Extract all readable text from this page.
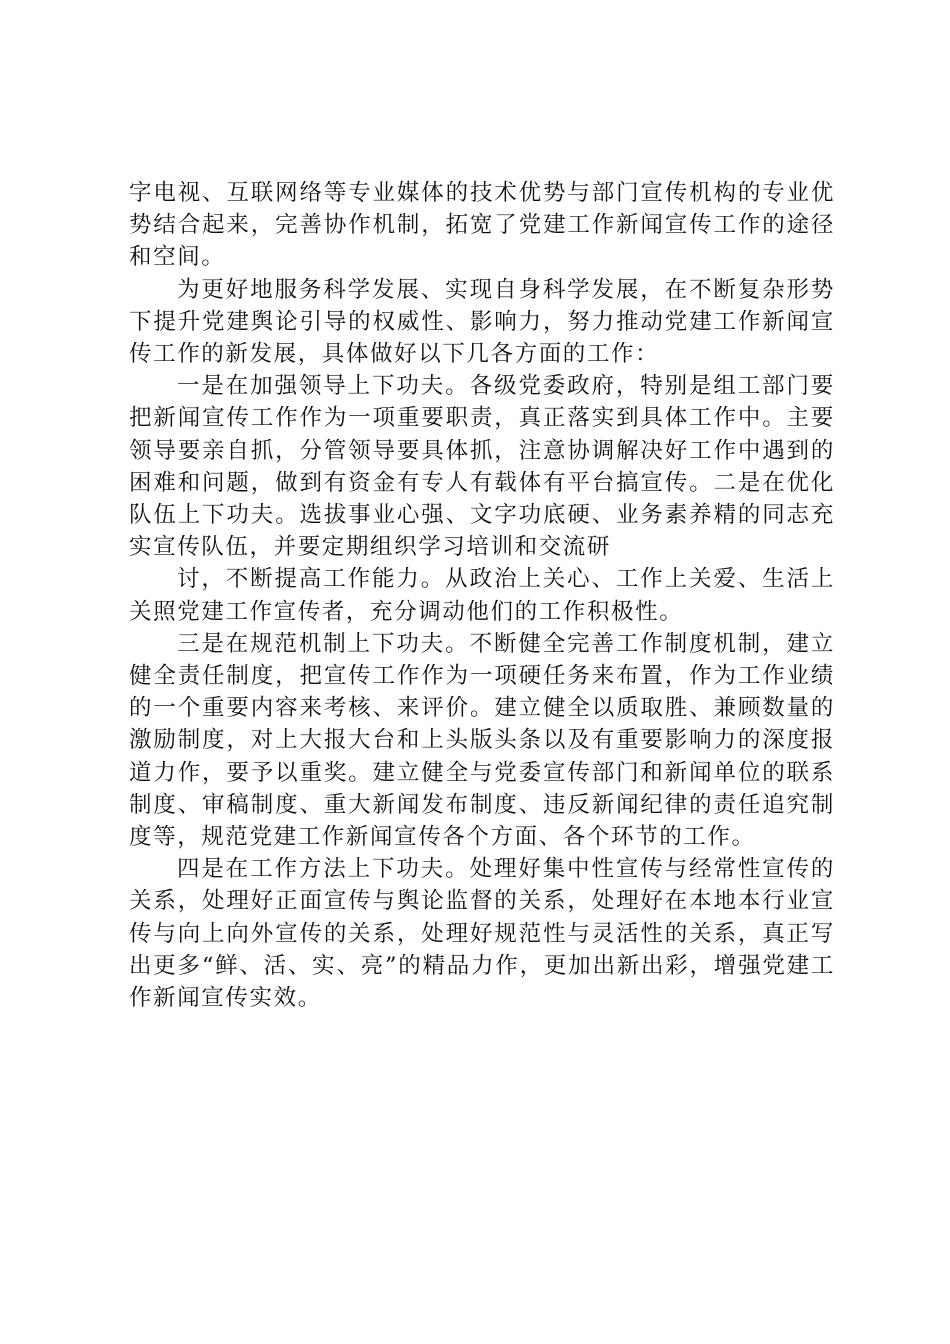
字电视、互联网络等专业媒体的技术优势与部门宣传机构的专业优势结合起来，完善协作机制，拓宽了党建工作新闻宣传工作的途径和空间。

为更好地服务科学发展、实现自身科学发展，在不断复杂形势下提升党建舆论引导的权威性、影响力，努力推动党建工作新闻宣传工作的新发展，具体做好以下几各方面的工作：

一是在加强领导上下功夫。各级党委政府，特别是组工部门要把新闻宣传工作作为一项重要职责，真正落实到具体工作中。主要领导要亲自抓，分管领导要具体抓，注意协调解决好工作中遇到的困难和问题，做到有资金有专人有载体有平台搞宣传。二是在优化队伍上下功夫。选拔事业心强、文字功底硬、业务素养精的同志充实宣传队伍，并要定期组织学习培训和交流研

讨，不断提高工作能力。从政治上关心、工作上关爱、生活上关照党建工作宣传者，充分调动他们的工作积极性。

三是在规范机制上下功夫。不断健全完善工作制度机制，建立健全责任制度，把宣传工作作为一项硬任务来布置，作为工作业绩的一个重要内容来考核、来评价。建立健全以质取胜、兼顾数量的激励制度，对上大报大台和上头版头条以及有重要影响力的深度报道力作，要予以重奖。建立健全与党委宣传部门和新闻单位的联系制度、审稿制度、重大新闻发布制度、违反新闻纪律的责任追究制度等，规范党建工作新闻宣传各个方面、各个环节的工作。

四是在工作方法上下功夫。处理好集中性宣传与经常性宣传的关系，处理好正面宣传与舆论监督的关系，处理好在本地本行业宣传与向上向外宣传的关系，处理好规范性与灵活性的关系，真正写出更多“鲜、活、实、亮”的精品力作，更加出新出彩，增强党建工作新闻宣传实效。
